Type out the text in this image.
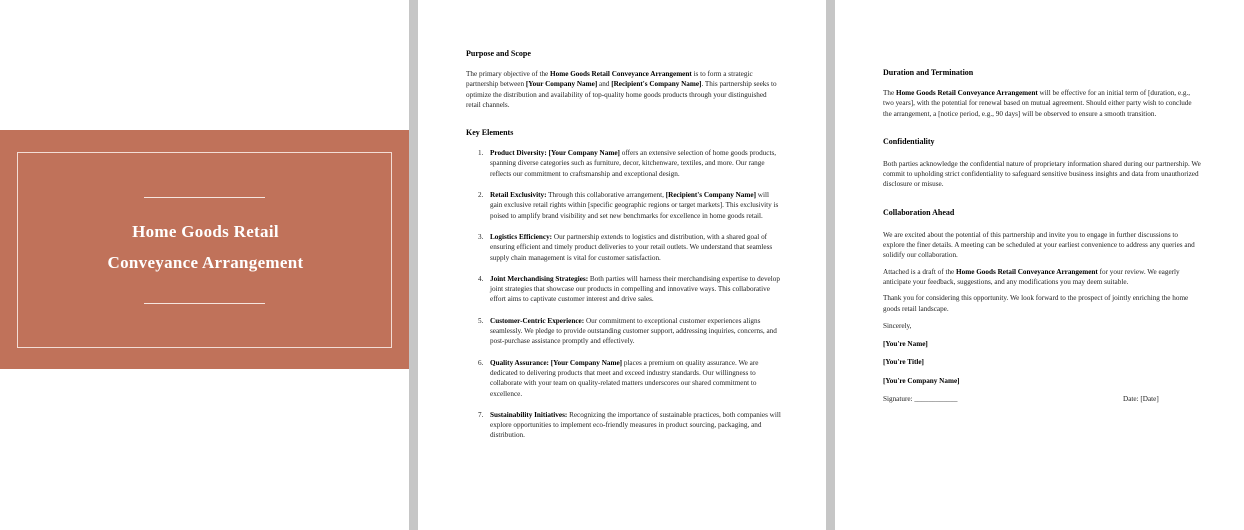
Home Goods Retail
Conveyance Arrangement
Purpose and Scope

The primary objective of the Home Goods Retail Conveyance Arrangement is to form a strategic partnership between [Your Company Name] and [Recipient's Company Name]. This partnership seeks to optimize the distribution and availability of top-quality home goods products through your distinguished retail channels.

Key Elements
1. Product Diversity: [Your Company Name] offers an extensive selection of home goods products, spanning diverse categories such as furniture, decor, kitchenware, textiles, and more. Our range reflects our commitment to craftsmanship and exceptional design.
2. Retail Exclusivity: Through this collaborative arrangement, [Recipient's Company Name] will gain exclusive retail rights within [specific geographic regions or target markets]. This exclusivity is poised to amplify brand visibility and set new benchmarks for excellence in home goods retail.
3. Logistics Efficiency: Our partnership extends to logistics and distribution, with a shared goal of ensuring efficient and timely product deliveries to your retail outlets. We understand that seamless supply chain management is vital for customer satisfaction.
4. Joint Merchandising Strategies: Both parties will harness their merchandising expertise to develop joint strategies that showcase our products in compelling and innovative ways. This collaborative effort aims to captivate customer interest and drive sales.
5. Customer-Centric Experience: Our commitment to exceptional customer experiences aligns seamlessly. We pledge to provide outstanding customer support, addressing inquiries, concerns, and post-purchase assistance promptly and effectively.
6. Quality Assurance: [Your Company Name] places a premium on quality assurance. We are dedicated to delivering products that meet and exceed industry standards. Our willingness to collaborate with your team on quality-related matters underscores our shared commitment to excellence.
7. Sustainability Initiatives: Recognizing the importance of sustainable practices, both companies will explore opportunities to implement eco-friendly measures in product sourcing, packaging, and distribution.
Duration and Termination

The Home Goods Retail Conveyance Arrangement will be effective for an initial term of [duration, e.g., two years], with the potential for renewal based on mutual agreement. Should either party wish to conclude the arrangement, a [notice period, e.g., 90 days] will be observed to ensure a smooth transition.

Confidentiality

Both parties acknowledge the confidential nature of proprietary information shared during our partnership. We commit to upholding strict confidentiality to safeguard sensitive business insights and data from unauthorized disclosure or misuse.

Collaboration Ahead

We are excited about the potential of this partnership and invite you to engage in further discussions to explore the finer details. A meeting can be scheduled at your earliest convenience to address any queries and solidify our collaboration.

Attached is a draft of the Home Goods Retail Conveyance Arrangement for your review. We eagerly anticipate your feedback, suggestions, and any modifications you may deem suitable.

Thank you for considering this opportunity. We look forward to the prospect of jointly enriching the home goods retail landscape.

Sincerely,

[You're Name]

[You're Title]

[You're Company Name]

Signature: ____________	Date: [Date]
